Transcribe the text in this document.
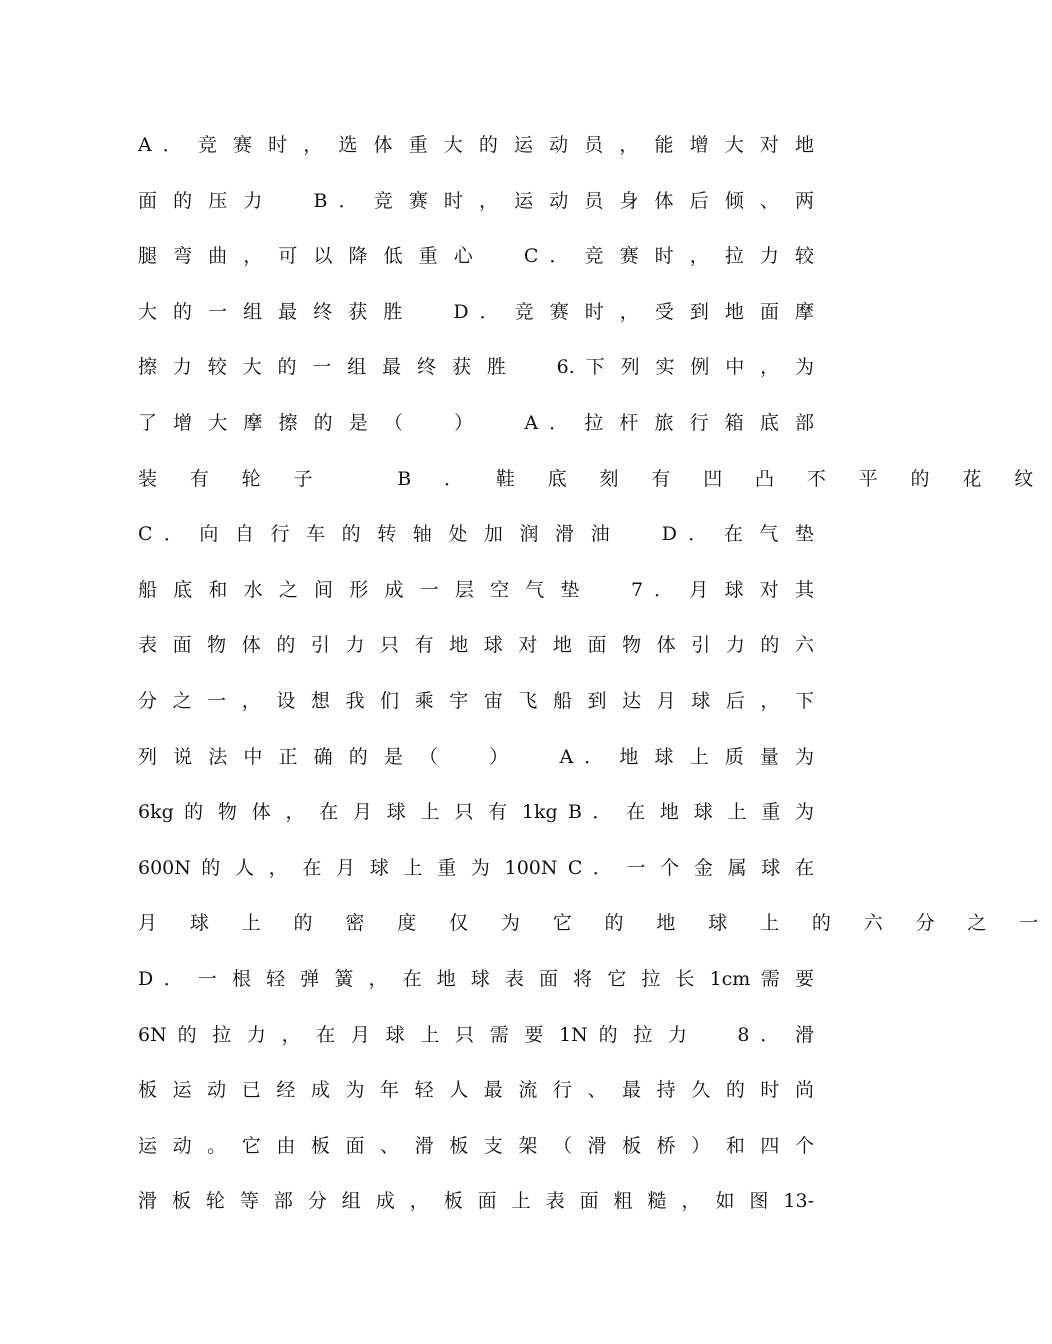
A ． 竞 赛 时 ， 选 体 重 大 的 运 动 员 ， 能 增 大 对 地
面 的 压 力 　 B ． 竞 赛 时 ， 运 动 员 身 体 后 倾 、 两
腿 弯 曲 ， 可 以 降 低 重 心 　 C ． 竞 赛 时 ， 拉 力 较
大 的 一 组 最 终 获 胜 　 D ． 竞 赛 时 ， 受 到 地 面 摩
擦 力 较 大 的 一 组 最 终 获 胜 　 6. 下 列 实 例 中 ， 为
了 增 大 摩 擦 的 是 （ 　 ） 　 A ． 拉 杆 旅 行 箱 底 部
装 有 轮 子 　 B ． 鞋 底 刻 有 凹 凸 不 平 的 花 纹
C ． 向 自 行 车 的 转 轴 处 加 润 滑 油 　 D ． 在 气 垫
船 底 和 水 之 间 形 成 一 层 空 气 垫 　 7 ． 月 球 对 其
表 面 物 体 的 引 力 只 有 地 球 对 地 面 物 体 引 力 的 六
分 之 一 ， 设 想 我 们 乘 宇 宙 飞 船 到 达 月 球 后 ， 下
列 说 法 中 正 确 的 是 （ 　 ） 　 A ． 地 球 上 质 量 为
6kg 的 物 体 ， 在 月 球 上 只 有 1kg B ． 在 地 球 上 重 为
600N 的 人 ， 在 月 球 上 重 为 100N C ． 一 个 金 属 球 在
月 球 上 的 密 度 仅 为 它 的 地 球 上 的 六 分 之 一
D ． 一 根 轻 弹 簧 ， 在 地 球 表 面 将 它 拉 长 1cm 需 要
6N 的 拉 力 ， 在 月 球 上 只 需 要 1N 的 拉 力 　 8 ． 滑
板 运 动 已 经 成 为 年 轻 人 最 流 行 、 最 持 久 的 时 尚
运 动 。 它 由 板 面 、 滑 板 支 架 （ 滑 板 桥 ） 和 四 个
滑 板 轮 等 部 分 组 成 ， 板 面 上 表 面 粗 糙 ， 如 图 13-
